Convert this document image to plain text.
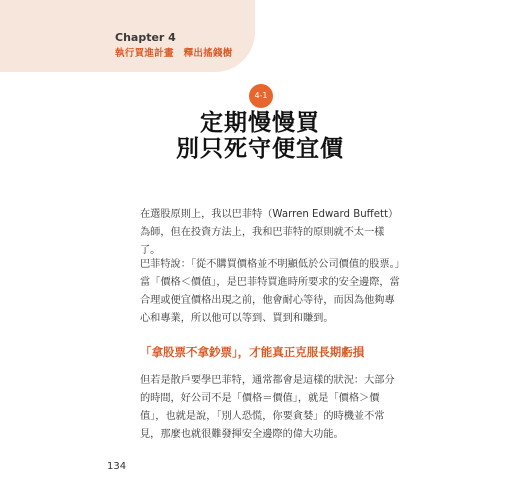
Chapter 4
執行買進計畫　釋出搖錢樹
4-1
定期慢慢買
別只死守便宜價

在選股原則上，我以巴菲特（Warren Edward Buffett）為師，但在投資方法上，我和巴菲特的原則就不太一樣了。

巴菲特說：「從不購買價格並不明顯低於公司價值的股票。」當「價格＜價值」，是巴菲特買進時所要求的安全邊際，當合理或便宜價格出現之前，他會耐心等待，而因為他夠專心和專業，所以他可以等到、買到和賺到。

「拿股票不拿鈔票」，才能真正克服長期虧損

但若是散戶要學巴菲特，通常都會是這樣的狀況：大部分的時間，好公司不是「價格＝價值」，就是「價格＞價值」，也就是說，「別人恐慌，你要貪婪」的時機並不常見，那麼也就很難發揮安全邊際的偉大功能。

134
